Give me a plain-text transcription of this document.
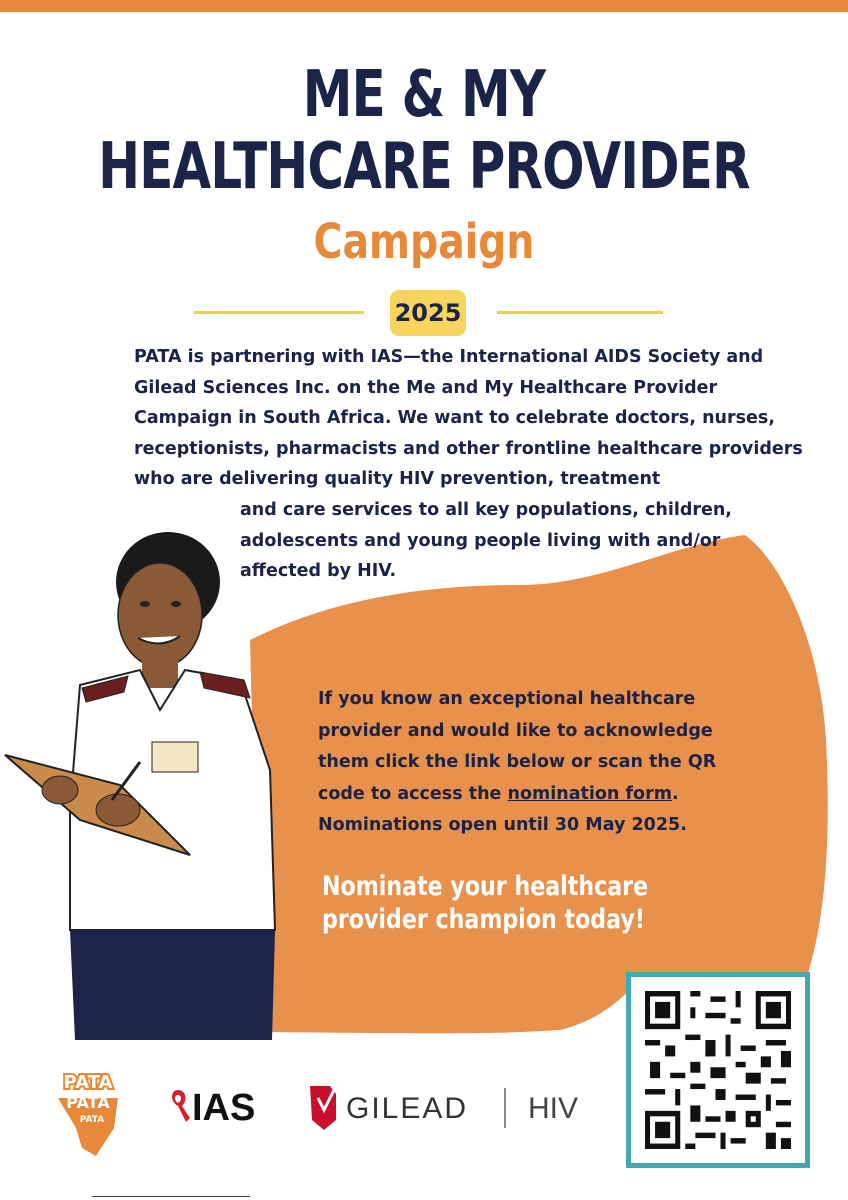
ME & MY
HEALTHCARE PROVIDER
Campaign
2025
PATA is partnering with IAS—the International AIDS Society and
Gilead Sciences Inc. on the Me and My Healthcare Provider
Campaign in South Africa. We want to celebrate doctors, nurses,
receptionists, pharmacists and other frontline healthcare providers
who are delivering quality HIV prevention, treatment
and care services to all key populations, children,
adolescents and young people living with and/or
affected by HIV.
If you know an exceptional healthcare
provider and would like to acknowledge
them click the link below or scan the QR
code to access the nomination form.
Nominations open until 30 May 2025.
Nominate your healthcare
provider champion today!
PATA
PATA
PATA IAS	GILEAD HIV
